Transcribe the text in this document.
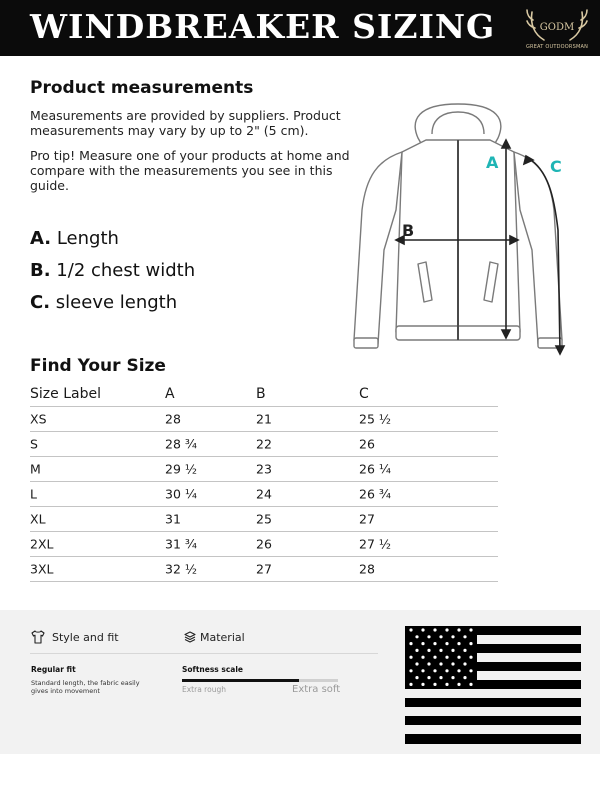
WINDBREAKER SIZING	GODM
GREAT OUTDOORSMAN
Product measurements
Measurements are provided by suppliers. Product measurements may vary by up to 2" (5 cm).
Pro tip! Measure one of your products at home and compare with the measurements you see in this guide.
A. Length
B. 1/2 chest width
C. sleeve length
A
B
C
Find Your Size
Size Label	A	B	C
XS	28	21	25 ½
S	28 ¾	22	26
M	29 ½	23	26 ¼
L	30 ¼	24	26 ¾
XL	31	25	27
2XL	31 ¾	26	27 ½
3XL	32 ½	27	28
Style and fit	Material
Regular fit
Standard length, the fabric easily gives into movement
Softness scale
Extra rough	Extra soft
